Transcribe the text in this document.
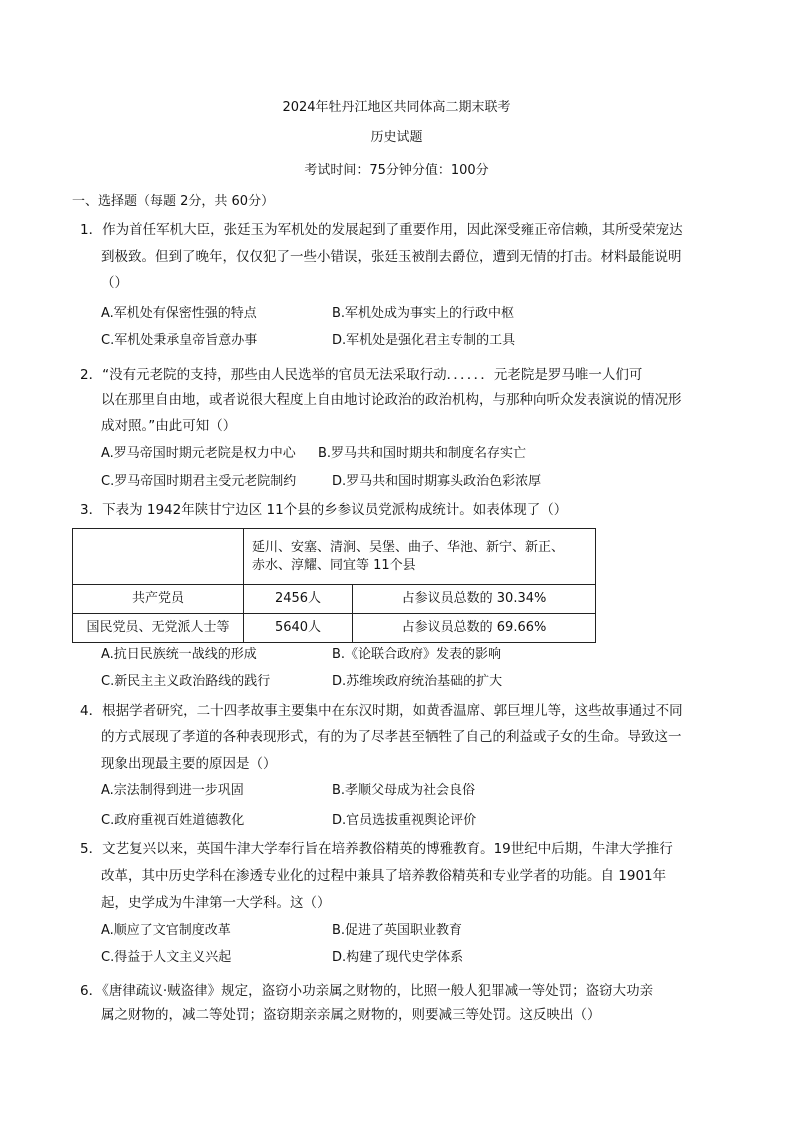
2024年牡丹江地区共同体高二期末联考
历史试题
考试时间：75分钟分值：100分
一、选择题（每题 2分，共 60分）
1．作为首任军机大臣，张廷玉为军机处的发展起到了重要作用，因此深受雍正帝信赖，其所受荣宠达
到极致。但到了晚年，仅仅犯了一些小错误，张廷玉被削去爵位，遭到无情的打击。材料最能说明
（）
A.军机处有保密性强的特点	B.军机处成为事实上的行政中枢
C.军机处秉承皇帝旨意办事	D.军机处是强化君主专制的工具
2．“没有元老院的支持，那些由人民选举的官员无法采取行动．．．．．．元老院是罗马唯一人们可
以在那里自由地，或者说很大程度上自由地讨论政治的政治机构，与那种向听众发表演说的情况形
成对照。”由此可知（）
A.罗马帝国时期元老院是权力中心 B.罗马共和国时期共和制度名存实亡
C.罗马帝国时期君主受元老院制约	D.罗马共和国时期寡头政治色彩浓厚
3．下表为 1942年陕甘宁边区 11个县的乡参议员党派构成统计。如表体现了（）

	延川、安塞、清涧、吴堡、曲子、华池、新宁、新正、
赤水、淳耀、同宜等 11个县	

共产党员	2456人	占参议员总数的 30.34%
国民党员、无党派人士等	5640人	占参议员总数的 69.66%
A.抗日民族统一战线的形成	B.《论联合政府》发表的影响
C.新民主主义政治路线的践行	D.苏维埃政府统治基础的扩大
4．根据学者研究，二十四孝故事主要集中在东汉时期，如黄香温席、郭巨埋儿等，这些故事通过不同
的方式展现了孝道的各种表现形式，有的为了尽孝甚至牺牲了自己的利益或子女的生命。导致这一
现象出现最主要的原因是（）
A.宗法制得到进一步巩固	B.孝顺父母成为社会良俗
C.政府重视百姓道德教化	D.官员选拔重视舆论评价
5．文艺复兴以来，英国牛津大学奉行旨在培养教俗精英的博雅教育。19世纪中后期，牛津大学推行
改革，其中历史学科在渗透专业化的过程中兼具了培养教俗精英和专业学者的功能。自 1901年
起，史学成为牛津第一大学科。这（）
A.顺应了文官制度改革	B.促进了英国职业教育
C.得益于人文主义兴起	D.构建了现代史学体系
6．《唐律疏议·贼盗律》规定，盗窃小功亲属之财物的，比照一般人犯罪减一等处罚；盗窃大功亲
属之财物的，减二等处罚；盗窃期亲亲属之财物的，则要减三等处罚。这反映出（）
